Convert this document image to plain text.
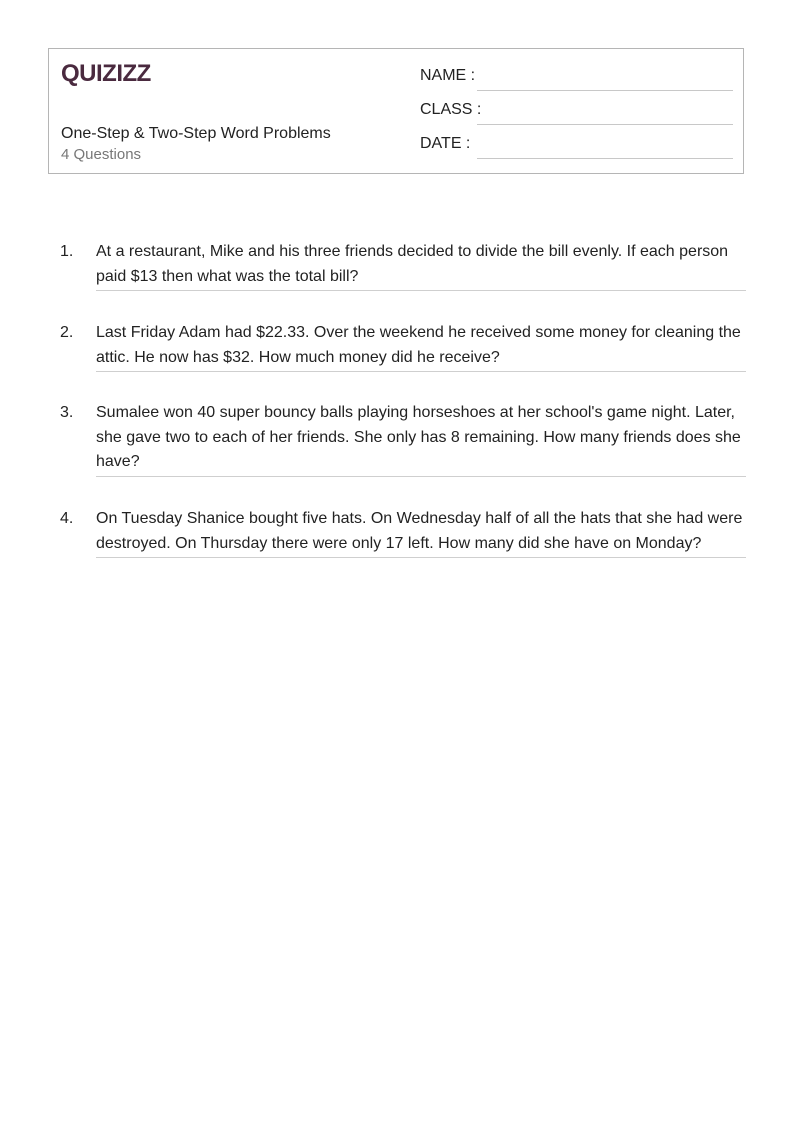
QUIZIZZ
One-Step & Two-Step Word Problems
4 Questions
NAME :
CLASS :
DATE :
1. At a restaurant, Mike and his three friends decided to divide the bill evenly. If each person paid $13 then what was the total bill?
2. Last Friday Adam had $22.33. Over the weekend he received some money for cleaning the attic. He now has $32. How much money did he receive?
3. Sumalee won 40 super bouncy balls playing horseshoes at her school's game night. Later, she gave two to each of her friends. She only has 8 remaining. How many friends does she have?
4. On Tuesday Shanice bought five hats. On Wednesday half of all the hats that she had were destroyed. On Thursday there were only 17 left. How many did she have on Monday?
